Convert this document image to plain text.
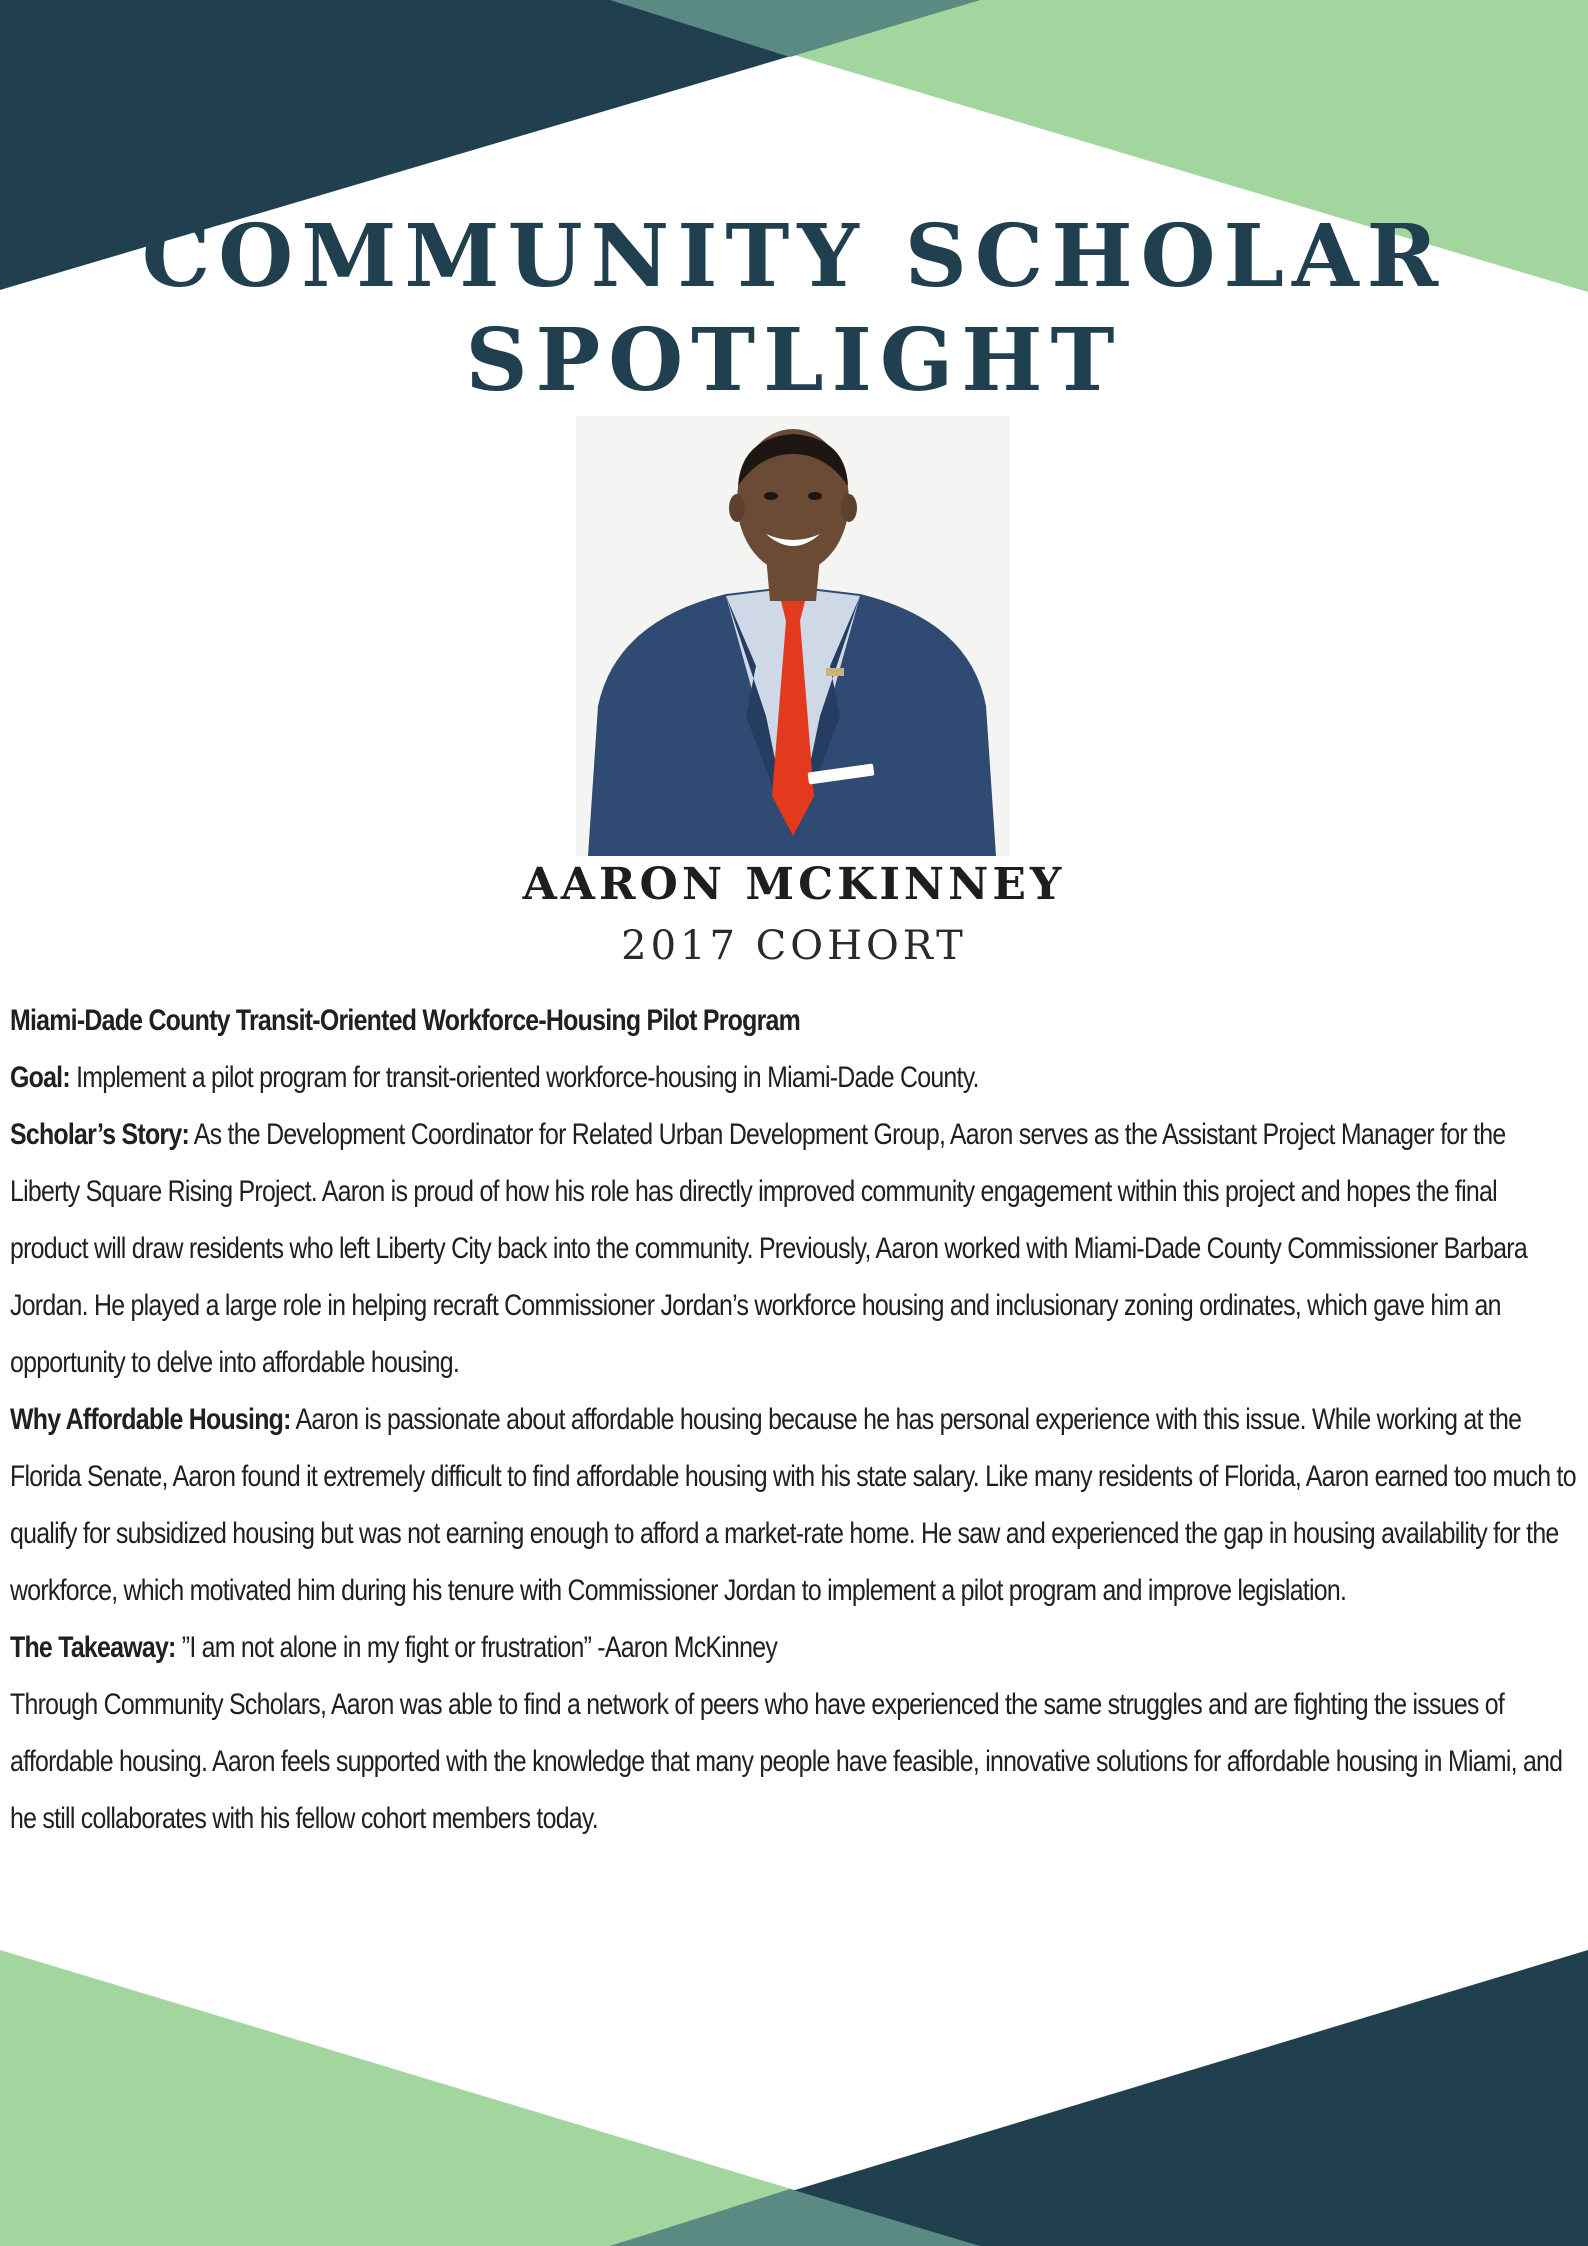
COMMUNITY SCHOLAR
SPOTLIGHT
AARON MCKINNEY
2017 COHORT

Miami-Dade County Transit-Oriented Workforce-Housing Pilot Program

Goal: Implement a pilot program for transit-oriented workforce-housing in Miami-Dade County.

Scholar’s Story: As the Development Coordinator for Related Urban Development Group, Aaron serves as the Assistant Project Manager for the Liberty Square Rising Project. Aaron is proud of how his role has directly improved community engagement within this project and hopes the final product will draw residents who left Liberty City back into the community. Previously, Aaron worked with Miami-Dade County Commissioner Barbara Jordan. He played a large role in helping recraft Commissioner Jordan’s workforce housing and inclusionary zoning ordinates, which gave him an opportunity to delve into affordable housing.

Why Affordable Housing: Aaron is passionate about affordable housing because he has personal experience with this issue. While working at the Florida Senate, Aaron found it extremely difficult to find affordable housing with his state salary. Like many residents of Florida, Aaron earned too much to qualify for subsidized housing but was not earning enough to afford a market-rate home. He saw and experienced the gap in housing availability for the workforce, which motivated him during his tenure with Commissioner Jordan to implement a pilot program and improve legislation.

The Takeaway: ”I am not alone in my fight or frustration” -Aaron McKinney

Through Community Scholars, Aaron was able to find a network of peers who have experienced the same struggles and are fighting the issues of affordable housing. Aaron feels supported with the knowledge that many people have feasible, innovative solutions for affordable housing in Miami, and he still collaborates with his fellow cohort members today.
